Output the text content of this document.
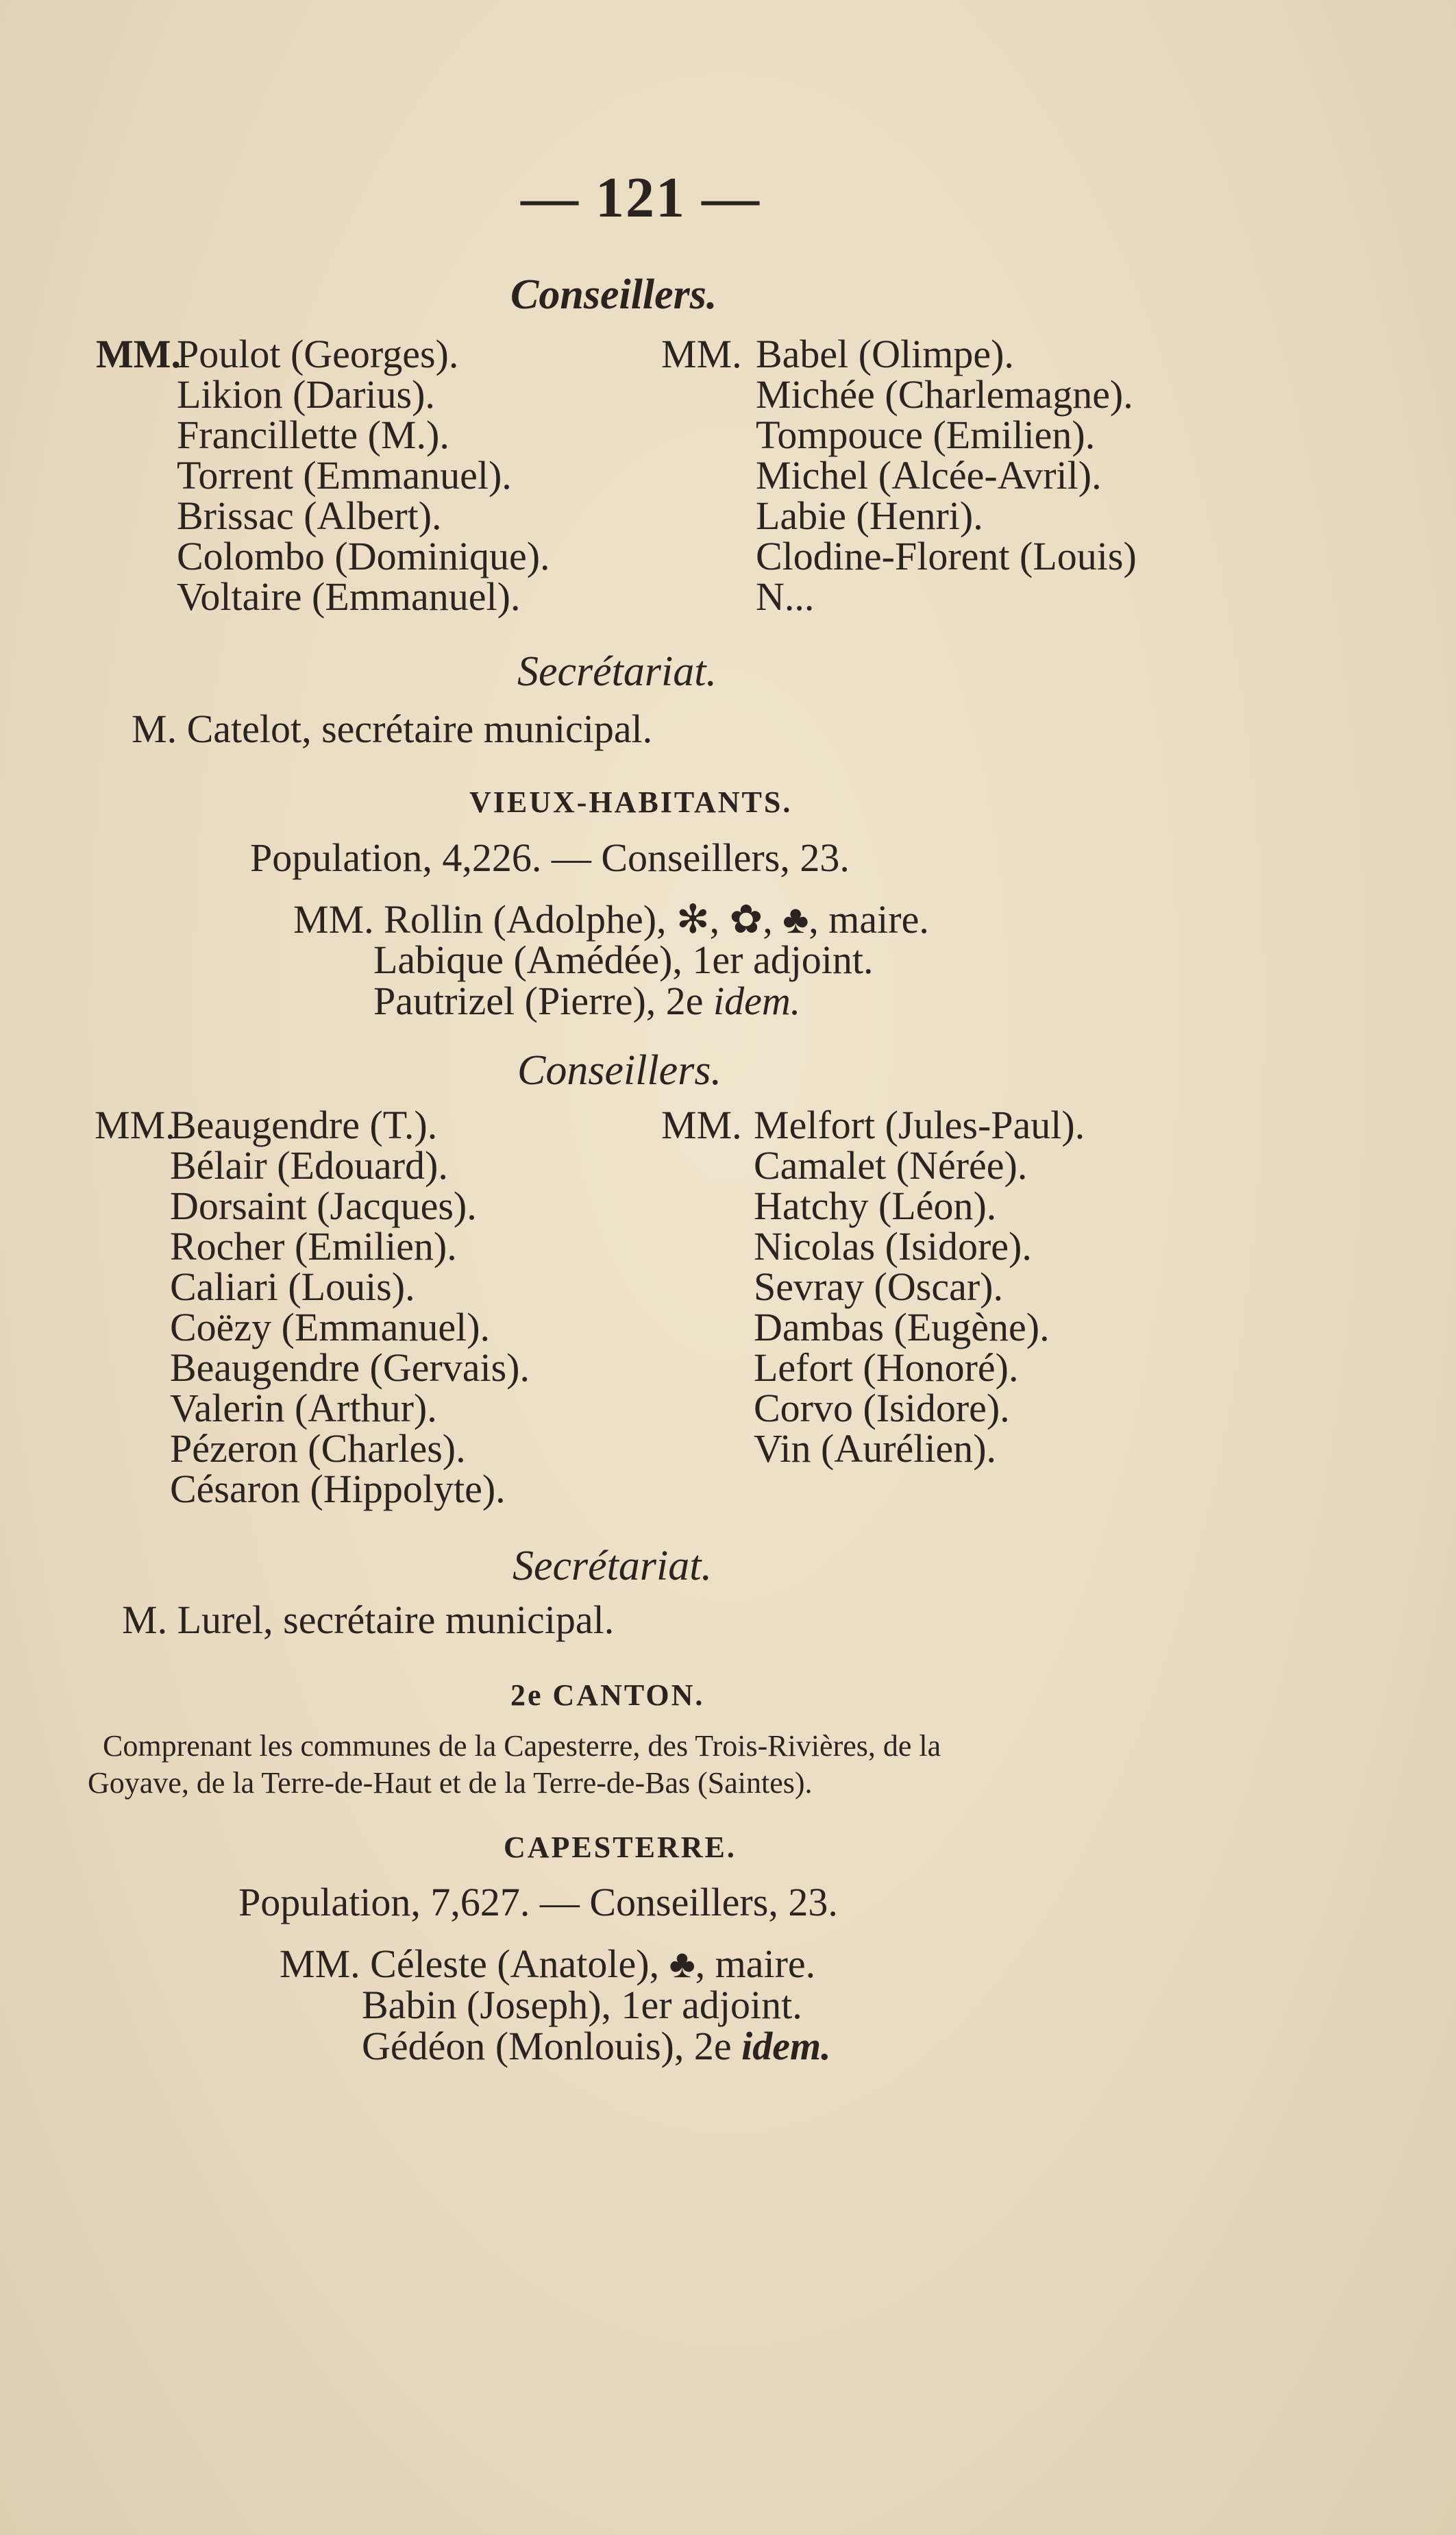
— 121 —
Conseillers.
MM.Poulot (Georges).
Likion (Darius).
Francillette (M.).
Torrent (Emmanuel).
Brissac (Albert).
Colombo (Dominique).
Voltaire (Emmanuel).
MM. Babel (Olimpe).
Michée (Charlemagne).
Tompouce (Emilien).
Michel (Alcée-Avril).
Labie (Henri).
Clodine-Florent (Louis)
N...
Secrétariat.
M. Catelot, secrétaire municipal.
VIEUX-HABITANTS.
Population, 4,226. — Conseillers, 23.
MM. Rollin (Adolphe), ✻, ✿, ♣, maire.
Labique (Amédée), 1er adjoint.
Pautrizel (Pierre), 2e idem.
Conseillers.
MM.Beaugendre (T.).
Bélair (Edouard).
Dorsaint (Jacques).
Rocher (Emilien).
Caliari (Louis).
Coëzy (Emmanuel).
Beaugendre (Gervais).
Valerin (Arthur).
Pézeron (Charles).
Césaron (Hippolyte).
MM. Melfort (Jules-Paul).
Camalet (Nérée).
Hatchy (Léon).
Nicolas (Isidore).
Sevray (Oscar).
Dambas (Eugène).
Lefort (Honoré).
Corvo (Isidore).
Vin (Aurélien).
Secrétariat.
M. Lurel, secrétaire municipal.
2e CANTON.
Comprenant les communes de la Capesterre, des Trois-Rivières, de la
Goyave, de la Terre-de-Haut et de la Terre-de-Bas (Saintes).
CAPESTERRE.
Population, 7,627. — Conseillers, 23.
MM. Céleste (Anatole), ♣, maire.
Babin (Joseph), 1er adjoint.
Gédéon (Monlouis), 2e idem.
